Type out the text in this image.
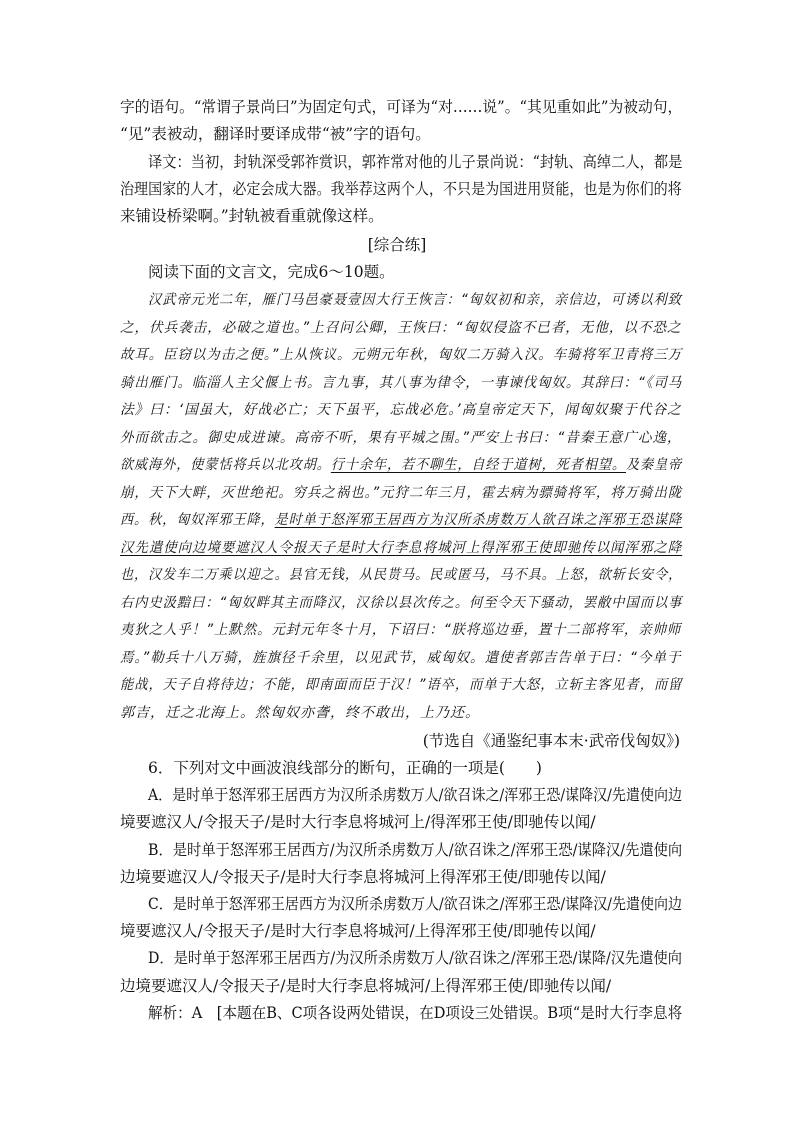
字的语句。“常谓子景尚曰”为固定句式，可译为“对……说”。“其见重如此”为被动句，
“见”表被动，翻译时要译成带“被”字的语句。
译文：当初，封轨深受郭祚赏识，郭祚常对他的儿子景尚说：“封轨、高绰二人，都是
治理国家的人才，必定会成大器。我举荐这两个人，不只是为国进用贤能，也是为你们的将
来铺设桥梁啊。”封轨被看重就像这样。
[综合练]
阅读下面的文言文，完成6～10题。
汉武帝元光二年，雁门马邑豪聂壹因大行王恢言：“匈奴初和亲，亲信边，可诱以利致
之，伏兵袭击，必破之道也。”上召问公卿，王恢曰：“匈奴侵盗不已者，无他，以不恐之
故耳。臣窃以为击之便。”上从恢议。元朔元年秋，匈奴二万骑入汉。车骑将军卫青将三万
骑出雁门。临淄人主父偃上书。言九事，其八事为律令，一事谏伐匈奴。其辞曰：“《司马
法》曰：‘国虽大，好战必亡；天下虽平，忘战必危。’高皇帝定天下，闻匈奴聚于代谷之
外而欲击之。御史成进谏。高帝不听，果有平城之围。”严安上书曰：“昔秦王意广心逸，
欲威海外，使蒙恬将兵以北攻胡。行十余年，若不聊生，自经于道树，死者相望。及秦皇帝
崩，天下大畔，灭世绝祀。穷兵之祸也。”元狩二年三月，霍去病为骠骑将军，将万骑出陇
西。秋，匈奴浑邪王降，是时单于怒浑邪王居西方为汉所杀虏数万人欲召诛之浑邪王恐谋降
汉先遣使向边境要遮汉人令报天子是时大行李息将城河上得浑邪王使即驰传以闻浑邪之降
也，汉发车二万乘以迎之。县官无钱，从民贳马。民或匿马，马不具。上怒，欲斩长安令，
右内史汲黯曰：“匈奴畔其主而降汉，汉徐以县次传之。何至令天下骚动，罢敝中国而以事
夷狄之人乎！”上默然。元封元年冬十月，下诏曰：“朕将巡边垂，置十二部将军，亲帅师
焉。”勒兵十八万骑，旌旗径千余里，以见武节，威匈奴。遣使者郭吉告单于曰：“今单于
能战，天子自将待边；不能，即南面而臣于汉！”语卒，而单于大怒，立斩主客见者，而留
郭吉，迁之北海上。然匈奴亦詟，终不敢出，上乃还。
(节选自《通鉴纪事本末·武帝伐匈奴》)
6．下列对文中画波浪线部分的断句，正确的一项是(　　)
A．是时单于怒浑邪王居西方为汉所杀虏数万人/欲召诛之/浑邪王恐/谋降汉/先遣使向边
境要遮汉人/令报天子/是时大行李息将城河上/得浑邪王使/即驰传以闻/
B．是时单于怒浑邪王居西方/为汉所杀虏数万人/欲召诛之/浑邪王恐/谋降汉/先遣使向
边境要遮汉人/令报天子/是时大行李息将城河上得浑邪王使/即驰传以闻/
C．是时单于怒浑邪王居西方为汉所杀虏数万人/欲召诛之/浑邪王恐/谋降汉/先遣使向边
境要遮汉人/令报天子/是时大行李息将城河/上得浑邪王使/即驰传以闻/
D．是时单于怒浑邪王居西方/为汉所杀虏数万人/欲召诛之/浑邪王恐/谋降/汉先遣使向
边境要遮汉人/令报天子/是时大行李息将城河/上得浑邪王使/即驰传以闻/
解析：A　[本题在B、C项各设两处错误，在D项设三处错误。B项“是时大行李息将
